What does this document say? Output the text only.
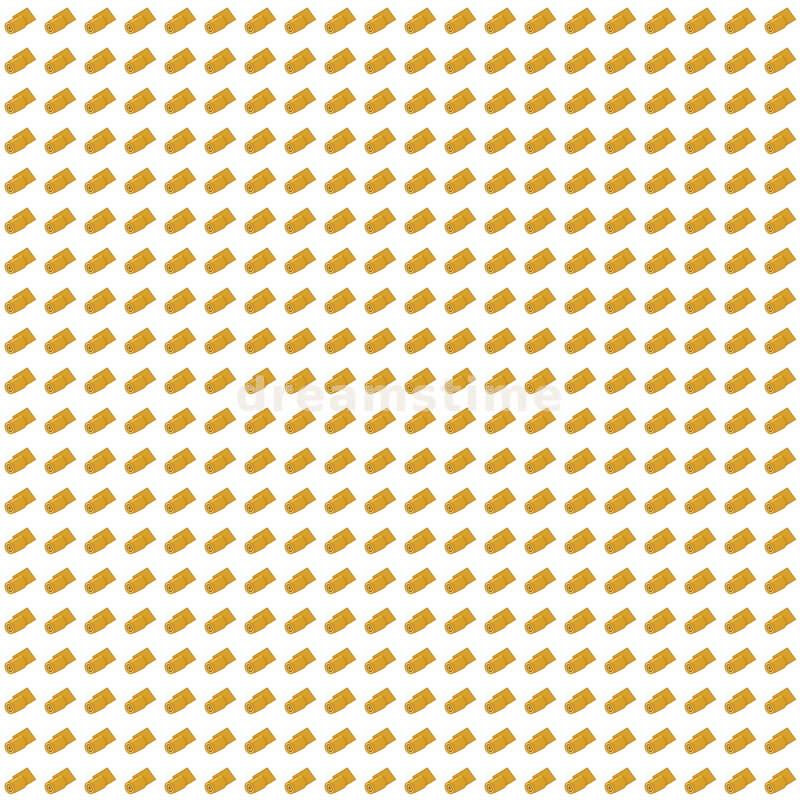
dreamstime
